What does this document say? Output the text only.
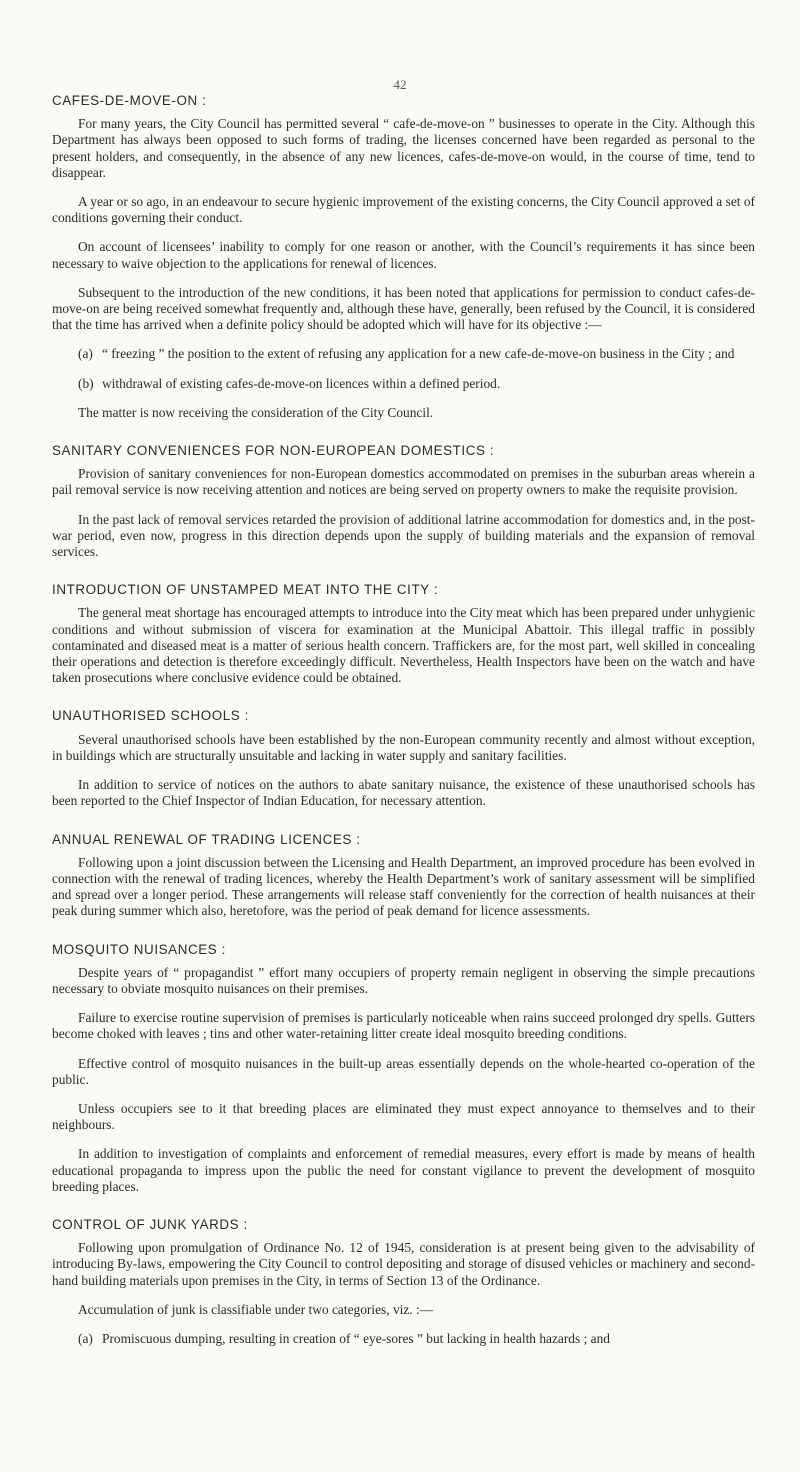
42
CAFES-DE-MOVE-ON :

For many years, the City Council has permitted several “ cafe-de-move-on ” businesses to operate in the City. Although this Department has always been opposed to such forms of trading, the licenses concerned have been regarded as personal to the present holders, and consequently, in the absence of any new licences, cafes-de-move-on would, in the course of time, tend to disappear.

A year or so ago, in an endeavour to secure hygienic improvement of the existing concerns, the City Council approved a set of conditions governing their conduct.

On account of licensees’ inability to comply for one reason or another, with the Council’s requirements it has since been necessary to waive objection to the applications for renewal of licences.

Subsequent to the introduction of the new conditions, it has been noted that applications for permission to conduct cafes-de-move-on are being received somewhat frequently and, although these have, generally, been refused by the Council, it is considered that the time has arrived when a definite policy should be adopted which will have for its objective :—

(a) “ freezing ” the position to the extent of refusing any application for a new cafe-de-move-on business in the City ; and
(b) withdrawal of existing cafes-de-move-on licences within a defined period.

The matter is now receiving the consideration of the City Council.

SANITARY CONVENIENCES FOR NON-EUROPEAN DOMESTICS :

Provision of sanitary conveniences for non-European domestics accommodated on premises in the suburban areas wherein a pail removal service is now receiving attention and notices are being served on property owners to make the requisite provision.

In the past lack of removal services retarded the provision of additional latrine accommodation for domestics and, in the post-war period, even now, progress in this direction depends upon the supply of building materials and the expansion of removal services.

INTRODUCTION OF UNSTAMPED MEAT INTO THE CITY :

The general meat shortage has encouraged attempts to introduce into the City meat which has been prepared under unhygienic conditions and without submission of viscera for examination at the Municipal Abattoir. This illegal traffic in possibly contaminated and diseased meat is a matter of serious health concern. Traffickers are, for the most part, well skilled in concealing their operations and detection is therefore exceedingly difficult. Nevertheless, Health Inspectors have been on the watch and have taken prosecutions where conclusive evidence could be obtained.

UNAUTHORISED SCHOOLS :

Several unauthorised schools have been established by the non-European community recently and almost without exception, in buildings which are structurally unsuitable and lacking in water supply and sanitary facilities.

In addition to service of notices on the authors to abate sanitary nuisance, the existence of these unauthorised schools has been reported to the Chief Inspector of Indian Education, for necessary attention.

ANNUAL RENEWAL OF TRADING LICENCES :

Following upon a joint discussion between the Licensing and Health Department, an improved procedure has been evolved in connection with the renewal of trading licences, whereby the Health Department’s work of sanitary assessment will be simplified and spread over a longer period. These arrangements will release staff conveniently for the correction of health nuisances at their peak during summer which also, heretofore, was the period of peak demand for licence assessments.

MOSQUITO NUISANCES :

Despite years of “ propagandist ” effort many occupiers of property remain negligent in observing the simple precautions necessary to obviate mosquito nuisances on their premises.

Failure to exercise routine supervision of premises is particularly noticeable when rains succeed prolonged dry spells. Gutters become choked with leaves ; tins and other water-retaining litter create ideal mosquito breeding conditions.

Effective control of mosquito nuisances in the built-up areas essentially depends on the whole-hearted co-operation of the public.

Unless occupiers see to it that breeding places are eliminated they must expect annoyance to themselves and to their neighbours.

In addition to investigation of complaints and enforcement of remedial measures, every effort is made by means of health educational propaganda to impress upon the public the need for constant vigilance to prevent the development of mosquito breeding places.

CONTROL OF JUNK YARDS :

Following upon promulgation of Ordinance No. 12 of 1945, consideration is at present being given to the advisability of introducing By-laws, empowering the City Council to control depositing and storage of disused vehicles or machinery and second-hand building materials upon premises in the City, in terms of Section 13 of the Ordinance.

Accumulation of junk is classifiable under two categories, viz. :—

(a) Promiscuous dumping, resulting in creation of “ eye-sores ” but lacking in health hazards ; and
